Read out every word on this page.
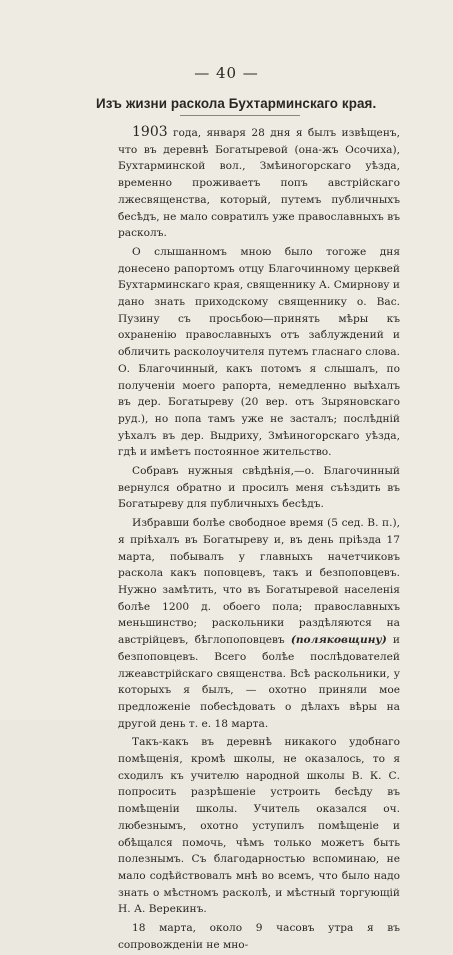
— 40 —
Изъ жизни раскола Бухтарминскаго края.

1903 года, января 28 дня я былъ извѣщенъ, что въ деревнѣ Богатыревой (она-жъ Осочиха), Бухтарминской вол., Змѣиногорскаго уѣзда, временно проживаетъ попъ австрійскаго лжесвященства, который, путемъ публичныхъ бесѣдъ, не мало совратилъ уже православныхъ въ расколъ.

О слышанномъ мною было тогоже дня донесено рапортомъ отцу Благочинному церквей Бухтарминскаго края, священнику А. Смирнову и дано знать приходскому священнику о. Вас. Пузину съ просьбою—принять мѣры къ охраненію православныхъ отъ заблуждений и обличить расколоучителя путемъ гласнаго слова. О. Благочинный, какъ потомъ я слышалъ, по полученіи моего рапорта, немедленно выѣхалъ въ дер. Богатыреву (20 вер. отъ Зыряновскаго руд.), но попа тамъ уже не засталъ; послѣдній уѣхалъ въ дер. Выдриху, Змѣиногорскаго уѣзда, гдѣ и имѣетъ постоянное жительство.

Собравъ нужныя свѣдѣнія,—о. Благочинный вернулся обратно и просилъ меня съѣздить въ Богатыреву для публичныхъ бесѣдъ.

Избравши болѣе свободное время (5 сед. В. п.), я пріѣхалъ въ Богатыреву и, въ день пріѣзда 17 марта, побывалъ у главныхъ начетчиковъ раскола какъ поповцевъ, такъ и безпоповцевъ. Нужно замѣтить, что въ Богатыревой населенія болѣе 1200 д. обоего пола; православныхъ меньшинство; раскольники раздѣляются на австрійцевъ, бѣглопоповцевъ (поляковщину) и безпоповцевъ. Всего болѣе послѣдователей лжеавстрійскаго священства. Всѣ раскольники, у которыхъ я былъ, — охотно приняли мое предложеніе побесѣдовать о дѣлахъ вѣры на другой день т. е. 18 марта.

Такъ-какъ въ деревнѣ никакого удобнаго помѣщенія, кромѣ школы, не оказалось, то я сходилъ къ учителю народной школы В. К. С. попросить разрѣшеніе устроить бесѣду въ помѣщеніи школы. Учитель оказался оч. любезнымъ, охотно уступилъ помѣщеніе и обѣщался помочь, чѣмъ только можетъ быть полезнымъ. Съ благодарностью вспоминаю, не мало содѣйствовалъ мнѣ во всемъ, что было надо знать о мѣстномъ расколѣ, и мѣстный торгующій Н. А. Верекинъ.

18 марта, около 9 часовъ утра я въ сопровожденіи не мно-
